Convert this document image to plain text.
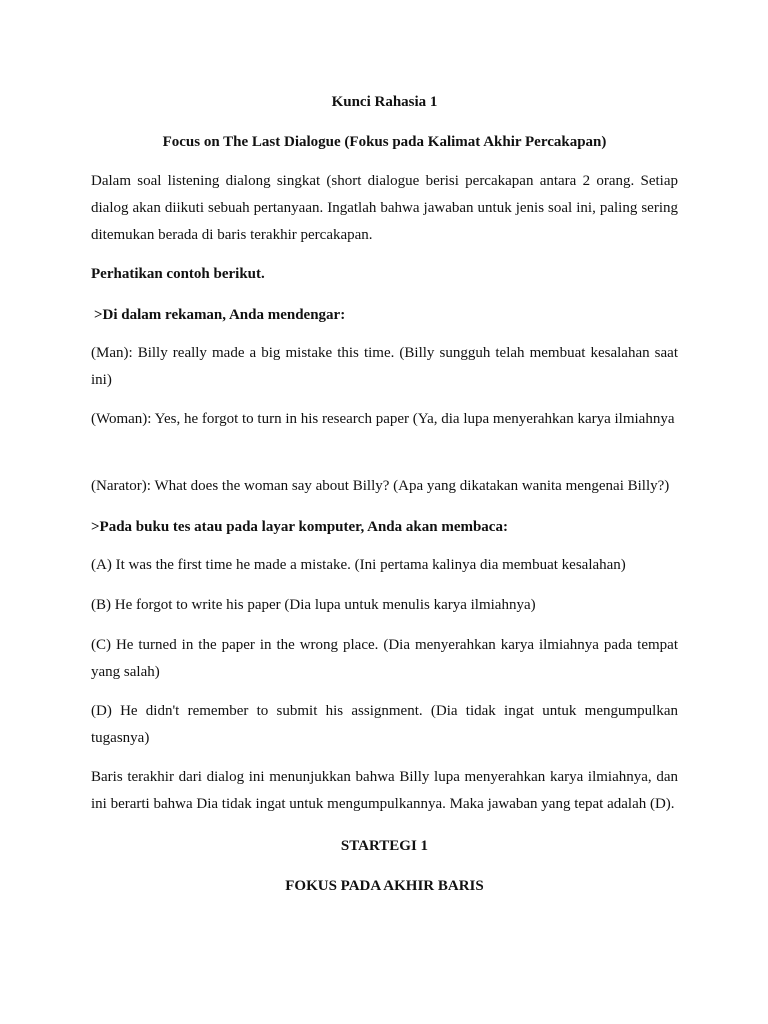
Kunci Rahasia 1

Focus on The Last Dialogue (Fokus pada Kalimat Akhir Percakapan)

Dalam soal listening dialong singkat (short dialogue berisi percakapan antara 2 orang. Setiap dialog akan diikuti sebuah pertanyaan. Ingatlah bahwa jawaban untuk jenis soal ini, paling sering ditemukan berada di baris terakhir percakapan.

Perhatikan contoh berikut.

>Di dalam rekaman, Anda mendengar:

(Man): Billy really made a big mistake this time. (Billy sungguh telah membuat kesalahan saat ini)

(Woman): Yes, he forgot to turn in his research paper (Ya, dia lupa menyerahkan karya ilmiahnya

(Narator): What does the woman say about Billy? (Apa yang dikatakan wanita mengenai Billy?)

>Pada buku tes atau pada layar komputer, Anda akan membaca:

(A) It was the first time he made a mistake. (Ini pertama kalinya dia membuat kesalahan)

(B) He forgot to write his paper (Dia lupa untuk menulis karya ilmiahnya)

(C) He turned in the paper in the wrong place. (Dia menyerahkan karya ilmiahnya pada tempat yang salah)

(D) He didn't remember to submit his assignment. (Dia tidak ingat untuk mengumpulkan tugasnya)

Baris terakhir dari dialog ini menunjukkan bahwa Billy lupa menyerahkan karya ilmiahnya, dan ini berarti bahwa Dia tidak ingat untuk mengumpulkannya. Maka jawaban yang tepat adalah (D).

STARTEGI 1

FOKUS PADA AKHIR BARIS
